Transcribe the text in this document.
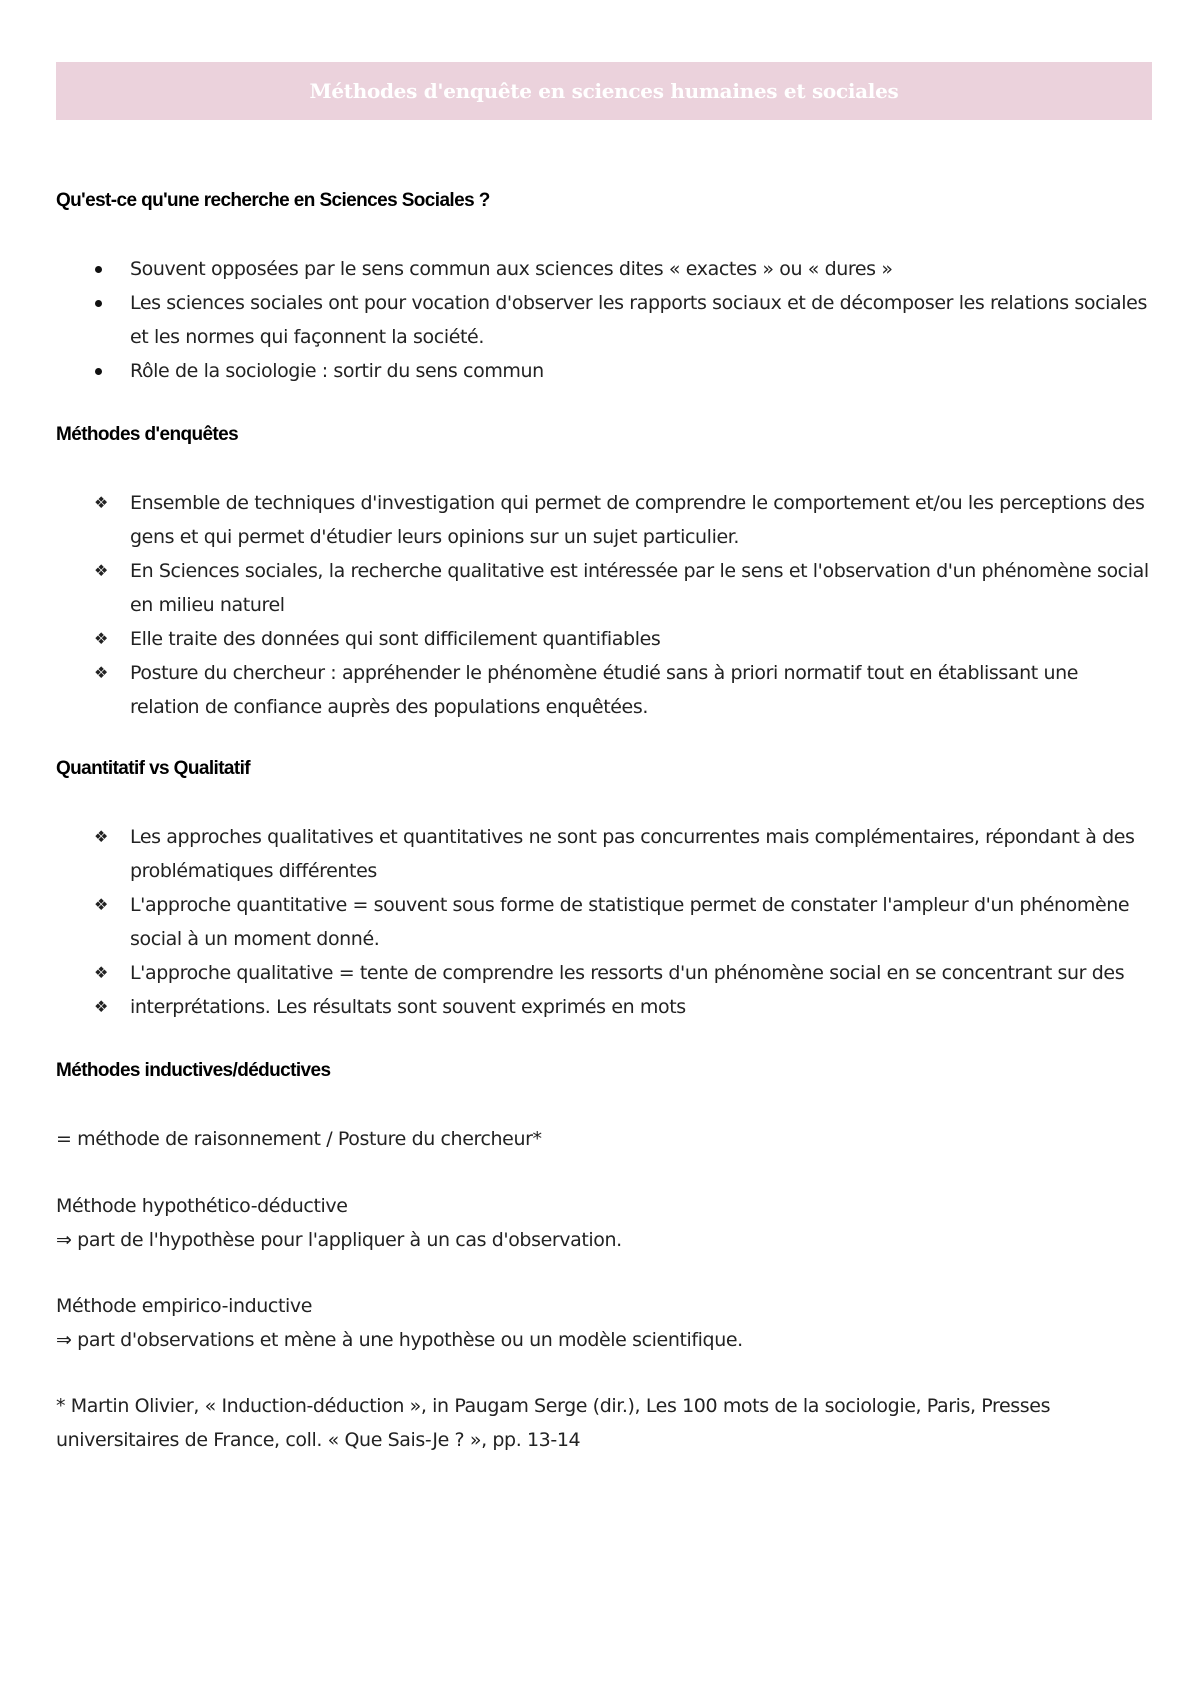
Méthodes d'enquête en sciences humaines et sociales
Qu'est-ce qu'une recherche en Sciences Sociales ?
Souvent opposées par le sens commun aux sciences dites « exactes » ou « dures »
Les sciences sociales ont pour vocation d'observer les rapports sociaux et de décomposer les relations sociales et les normes qui façonnent la société.
Rôle de la sociologie : sortir du sens commun
Méthodes d'enquêtes
❖ Ensemble de techniques d'investigation qui permet de comprendre le comportement et/ou les perceptions des gens et qui permet d'étudier leurs opinions sur un sujet particulier.
❖ En Sciences sociales, la recherche qualitative est intéressée par le sens et l'observation d'un phénomène social en milieu naturel
❖ Elle traite des données qui sont difficilement quantifiables
❖ Posture du chercheur : appréhender le phénomène étudié sans à priori normatif tout en établissant une relation de confiance auprès des populations enquêtées.
Quantitatif vs Qualitatif
❖ Les approches qualitatives et quantitatives ne sont pas concurrentes mais complémentaires, répondant à des problématiques différentes
❖ L'approche quantitative = souvent sous forme de statistique permet de constater l'ampleur d'un phénomène social à un moment donné.
❖ L'approche qualitative = tente de comprendre les ressorts d'un phénomène social en se concentrant sur des
❖ interprétations. Les résultats sont souvent exprimés en mots
Méthodes inductives/déductives

= méthode de raisonnement / Posture du chercheur*

Méthode hypothético-déductive
⇒ part de l'hypothèse pour l'appliquer à un cas d'observation.
Méthode empirico-inductive
⇒ part d'observations et mène à une hypothèse ou un modèle scientifique.

* Martin Olivier, « Induction-déduction », in Paugam Serge (dir.), Les 100 mots de la sociologie, Paris, Presses universitaires de France, coll. « Que Sais-Je ? », pp. 13-14
